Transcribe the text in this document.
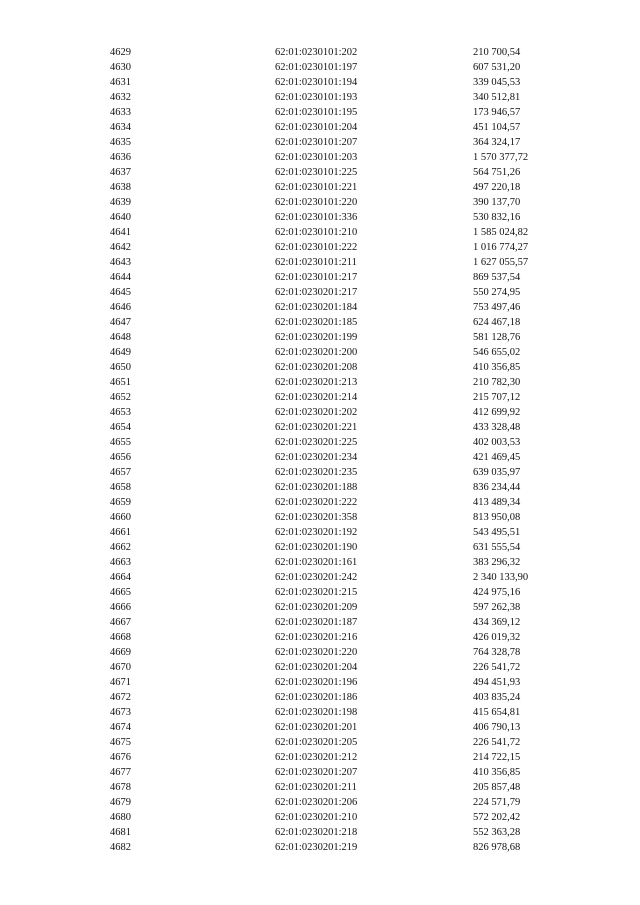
4629	62:01:0230101:202	210 700,54
4630	62:01:0230101:197	607 531,20
4631	62:01:0230101:194	339 045,53
4632	62:01:0230101:193	340 512,81
4633	62:01:0230101:195	173 946,57
4634	62:01:0230101:204	451 104,57
4635	62:01:0230101:207	364 324,17
4636	62:01:0230101:203	1 570 377,72
4637	62:01:0230101:225	564 751,26
4638	62:01:0230101:221	497 220,18
4639	62:01:0230101:220	390 137,70
4640	62:01:0230101:336	530 832,16
4641	62:01:0230101:210	1 585 024,82
4642	62:01:0230101:222	1 016 774,27
4643	62:01:0230101:211	1 627 055,57
4644	62:01:0230101:217	869 537,54
4645	62:01:0230201:217	550 274,95
4646	62:01:0230201:184	753 497,46
4647	62:01:0230201:185	624 467,18
4648	62:01:0230201:199	581 128,76
4649	62:01:0230201:200	546 655,02
4650	62:01:0230201:208	410 356,85
4651	62:01:0230201:213	210 782,30
4652	62:01:0230201:214	215 707,12
4653	62:01:0230201:202	412 699,92
4654	62:01:0230201:221	433 328,48
4655	62:01:0230201:225	402 003,53
4656	62:01:0230201:234	421 469,45
4657	62:01:0230201:235	639 035,97
4658	62:01:0230201:188	836 234,44
4659	62:01:0230201:222	413 489,34
4660	62:01:0230201:358	813 950,08
4661	62:01:0230201:192	543 495,51
4662	62:01:0230201:190	631 555,54
4663	62:01:0230201:161	383 296,32
4664	62:01:0230201:242	2 340 133,90
4665	62:01:0230201:215	424 975,16
4666	62:01:0230201:209	597 262,38
4667	62:01:0230201:187	434 369,12
4668	62:01:0230201:216	426 019,32
4669	62:01:0230201:220	764 328,78
4670	62:01:0230201:204	226 541,72
4671	62:01:0230201:196	494 451,93
4672	62:01:0230201:186	403 835,24
4673	62:01:0230201:198	415 654,81
4674	62:01:0230201:201	406 790,13
4675	62:01:0230201:205	226 541,72
4676	62:01:0230201:212	214 722,15
4677	62:01:0230201:207	410 356,85
4678	62:01:0230201:211	205 857,48
4679	62:01:0230201:206	224 571,79
4680	62:01:0230201:210	572 202,42
4681	62:01:0230201:218	552 363,28
4682	62:01:0230201:219	826 978,68
